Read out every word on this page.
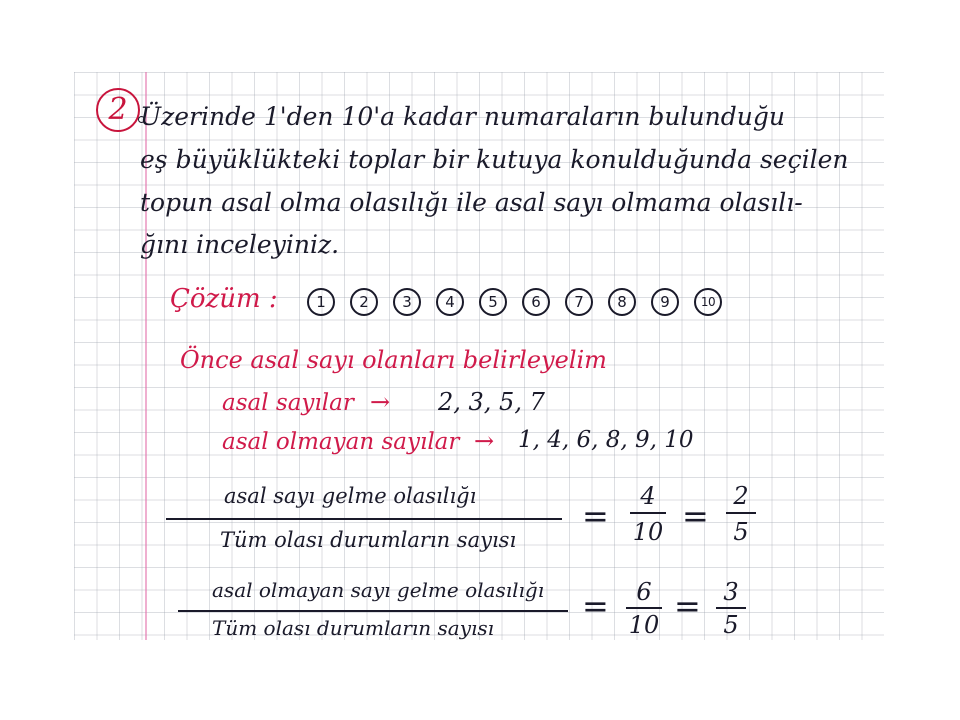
2 Üzerinde 1'den 10'a kadar numaraların bulunduğu
eş büyüklükteki toplar bir kutuya konulduğunda seçilen
topun asal olma olasılığı ile asal sayı olmama olasılı-
ğını inceleyiniz.
Çözüm :	1	2	3	4	5	6	7	8	9	10
Önce asal sayı olanları belirleyelim
asal sayılar → 2, 3, 5, 7
asal olmayan sayılar → 1, 4, 6, 8, 9, 10
asal sayı gelme olasılığı
Tüm olası durumların sayısı
=
4
10 =
2
5
asal olmayan sayı gelme olasılığı
Tüm olası durumların sayısı
=	6
10 = 3
5
